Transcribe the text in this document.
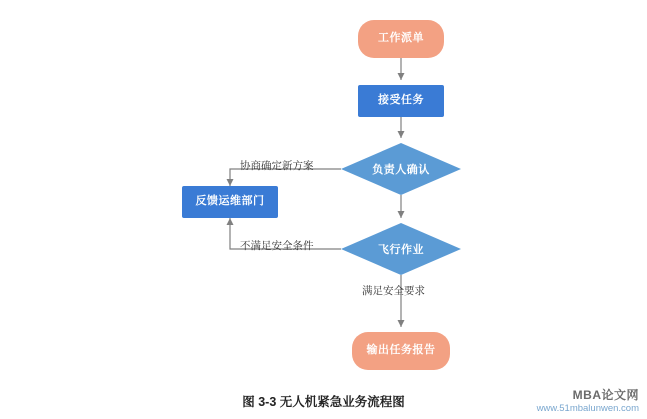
工作派单
接受任务
负责人确认
飞行作业
输出任务报告
反馈运维部门
协商确定新方案
不满足安全条件
满足安全要求
图 3-3 无人机紧急业务流程图	MBA论文网
www.51mbalunwen.com
